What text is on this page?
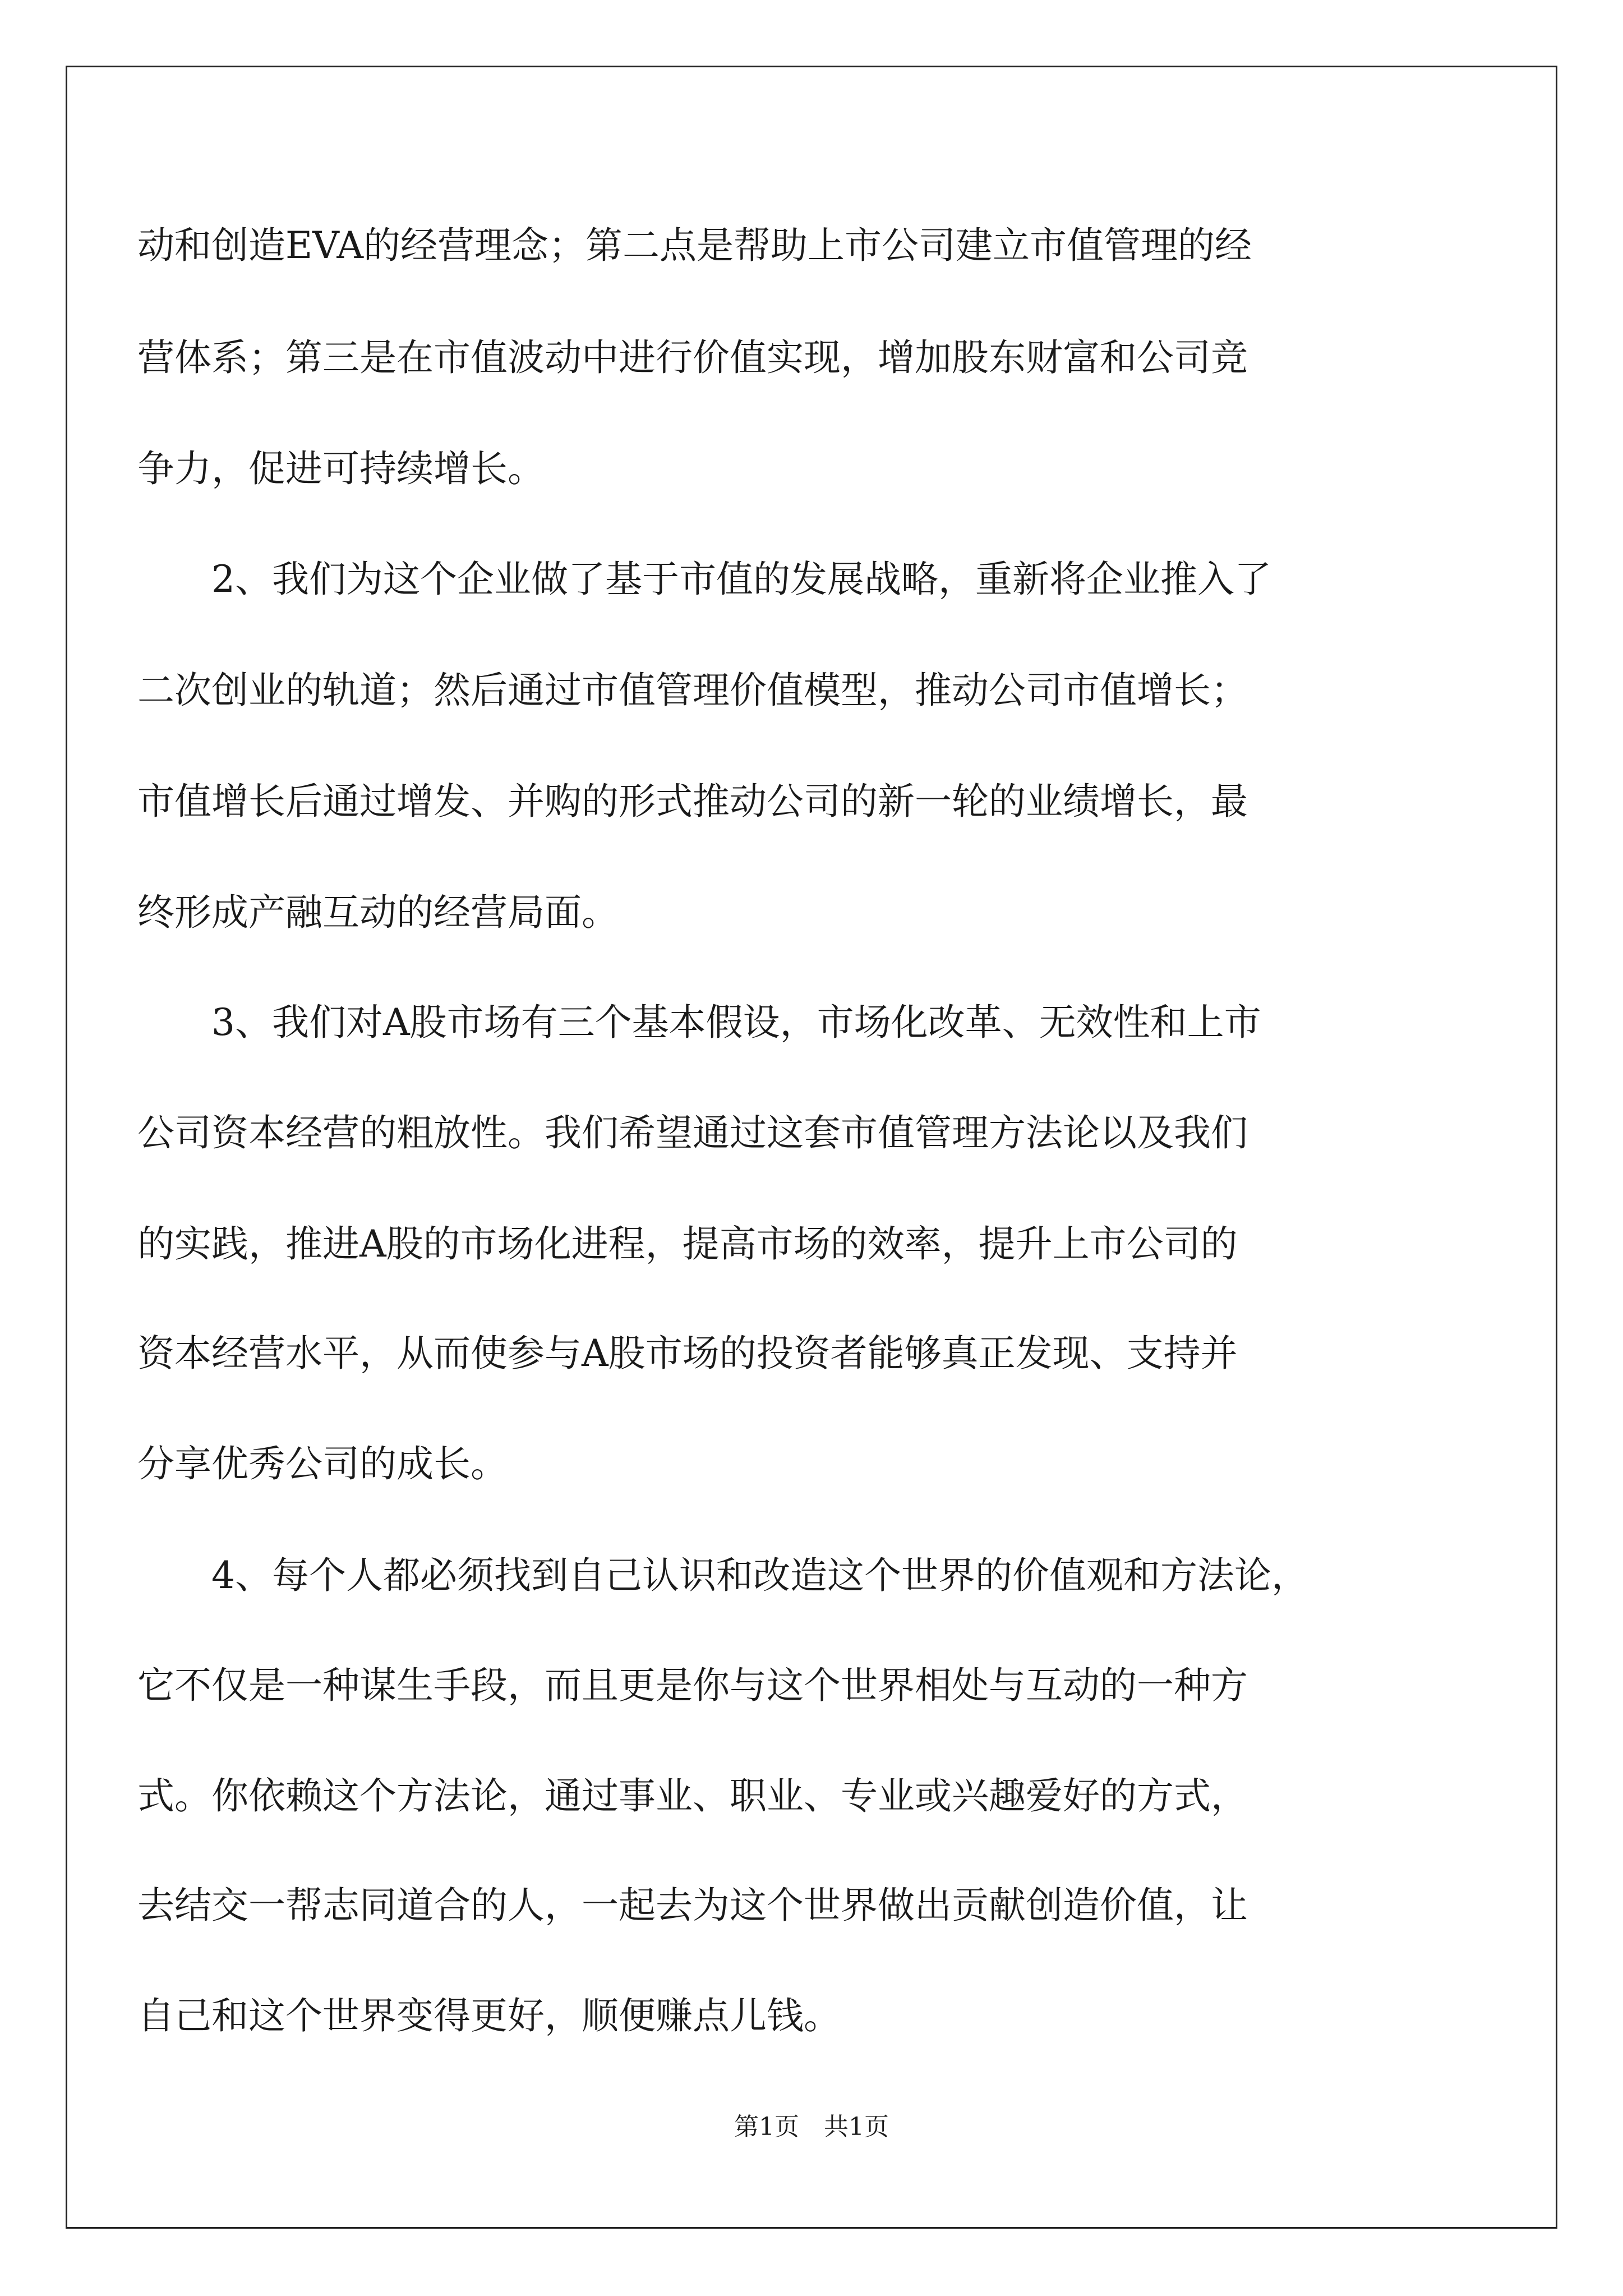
动和创造EVA的经营理念；第二点是帮助上市公司建立市值管理的经

营体系；第三是在市值波动中进行价值实现，增加股东财富和公司竞

争力，促进可持续增长。

　　2、我们为这个企业做了基于市值的发展战略，重新将企业推入了

二次创业的轨道；然后通过市值管理价值模型，推动公司市值增长；

市值增长后通过增发、并购的形式推动公司的新一轮的业绩增长，最

终形成产融互动的经营局面。

　　3、我们对A股市场有三个基本假设，市场化改革、无效性和上市

公司资本经营的粗放性。我们希望通过这套市值管理方法论以及我们

的实践，推进A股的市场化进程，提高市场的效率，提升上市公司的

资本经营水平，从而使参与A股市场的投资者能够真正发现、支持并

分享优秀公司的成长。

　　4、每个人都必须找到自己认识和改造这个世界的价值观和方法论，

它不仅是一种谋生手段，而且更是你与这个世界相处与互动的一种方

式。你依赖这个方法论，通过事业、职业、专业或兴趣爱好的方式，

去结交一帮志同道合的人，一起去为这个世界做出贡献创造价值，让

自己和这个世界变得更好，顺便赚点儿钱。

第1页　共1页
